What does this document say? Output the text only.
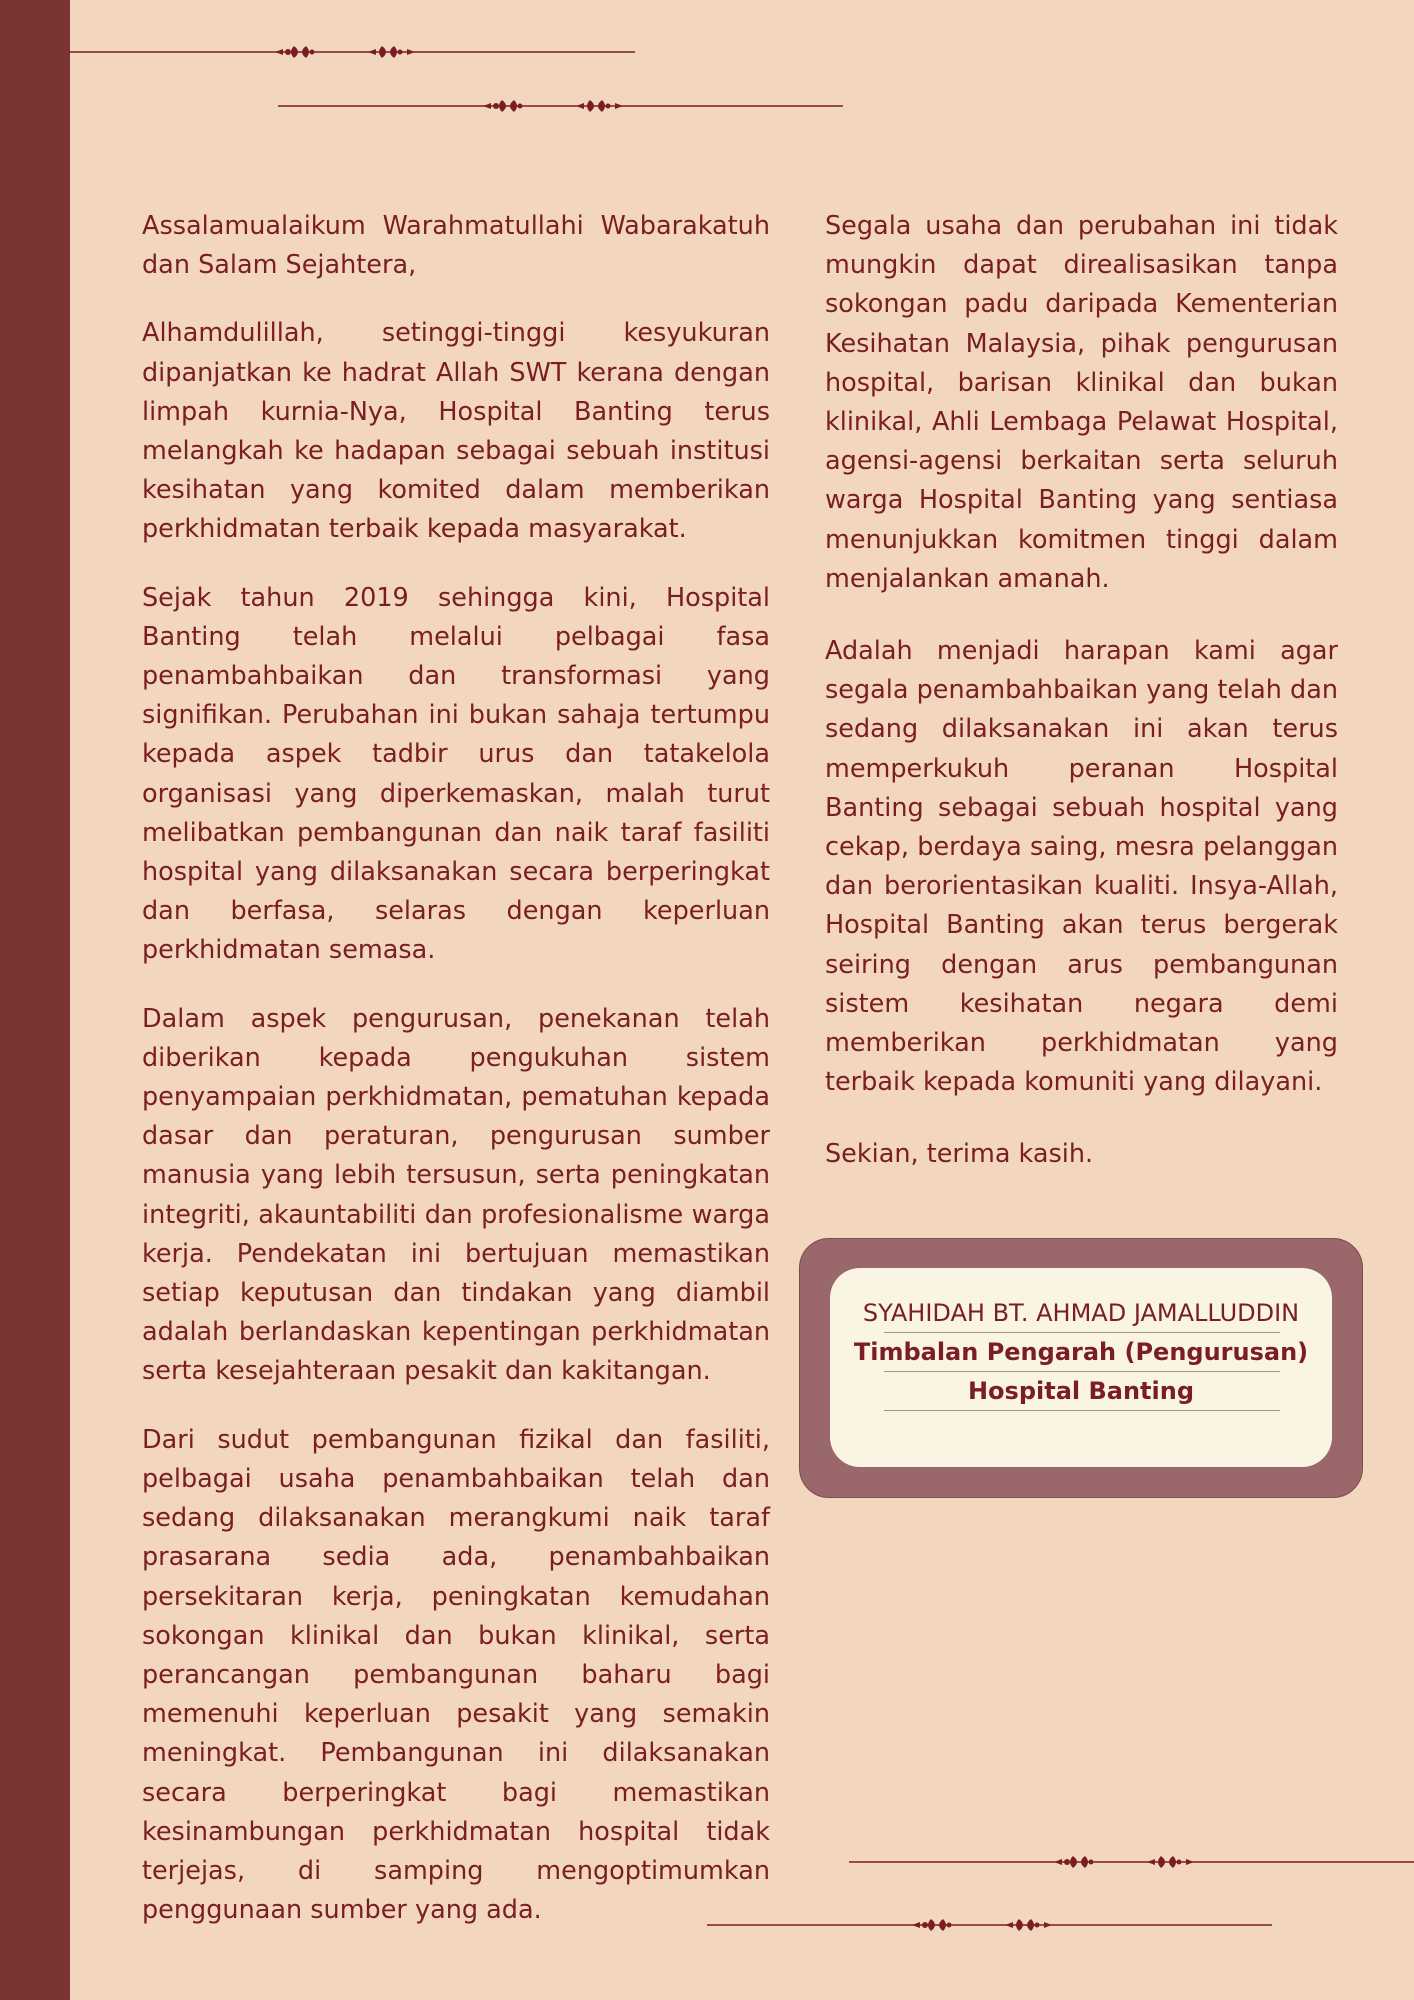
Assalamualaikum Warahmatullahi Wabarakatuh dan Salam Sejahtera,

Alhamdulillah, setinggi-tinggi kesyukuran dipanjatkan ke hadrat Allah SWT kerana dengan limpah kurnia-Nya, Hospital Banting terus melangkah ke hadapan sebagai sebuah institusi kesihatan yang komited dalam memberikan perkhidmatan terbaik kepada masyarakat.

Sejak tahun 2019 sehingga kini, Hospital Banting telah melalui pelbagai fasa penambahbaikan dan transformasi yang signifikan. Perubahan ini bukan sahaja tertumpu kepada aspek tadbir urus dan tatakelola organisasi yang diperkemaskan, malah turut melibatkan pembangunan dan naik taraf fasiliti hospital yang dilaksanakan secara berperingkat dan berfasa, selaras dengan keperluan perkhidmatan semasa.

Dalam aspek pengurusan, penekanan telah diberikan kepada pengukuhan sistem penyampaian perkhidmatan, pematuhan kepada dasar dan peraturan, pengurusan sumber manusia yang lebih tersusun, serta peningkatan integriti, akauntabiliti dan profesionalisme warga kerja. Pendekatan ini bertujuan memastikan setiap keputusan dan tindakan yang diambil adalah berlandaskan kepentingan perkhidmatan serta kesejahteraan pesakit dan kakitangan.

Dari sudut pembangunan fizikal dan fasiliti, pelbagai usaha penambahbaikan telah dan sedang dilaksanakan merangkumi naik taraf prasarana sedia ada, penambahbaikan persekitaran kerja, peningkatan kemudahan sokongan klinikal dan bukan klinikal, serta perancangan pembangunan baharu bagi memenuhi keperluan pesakit yang semakin meningkat. Pembangunan ini dilaksanakan secara berperingkat bagi memastikan kesinambungan perkhidmatan hospital tidak terjejas, di samping mengoptimumkan penggunaan sumber yang ada.

Segala usaha dan perubahan ini tidak mungkin dapat direalisasikan tanpa sokongan padu daripada Kementerian Kesihatan Malaysia, pihak pengurusan hospital, barisan klinikal dan bukan klinikal, Ahli Lembaga Pelawat Hospital, agensi-agensi berkaitan serta seluruh warga Hospital Banting yang sentiasa menunjukkan komitmen tinggi dalam menjalankan amanah.

Adalah menjadi harapan kami agar segala penambahbaikan yang telah dan sedang dilaksanakan ini akan terus memperkukuh peranan Hospital Banting sebagai sebuah hospital yang cekap, berdaya saing, mesra pelanggan dan berorientasikan kualiti. Insya-Allah, Hospital Banting akan terus bergerak seiring dengan arus pembangunan sistem kesihatan negara demi memberikan perkhidmatan yang terbaik kepada komuniti yang dilayani.

Sekian, terima kasih.

SYAHIDAH BT. AHMAD JAMALLUDDIN
Timbalan Pengarah (Pengurusan)
Hospital Banting
